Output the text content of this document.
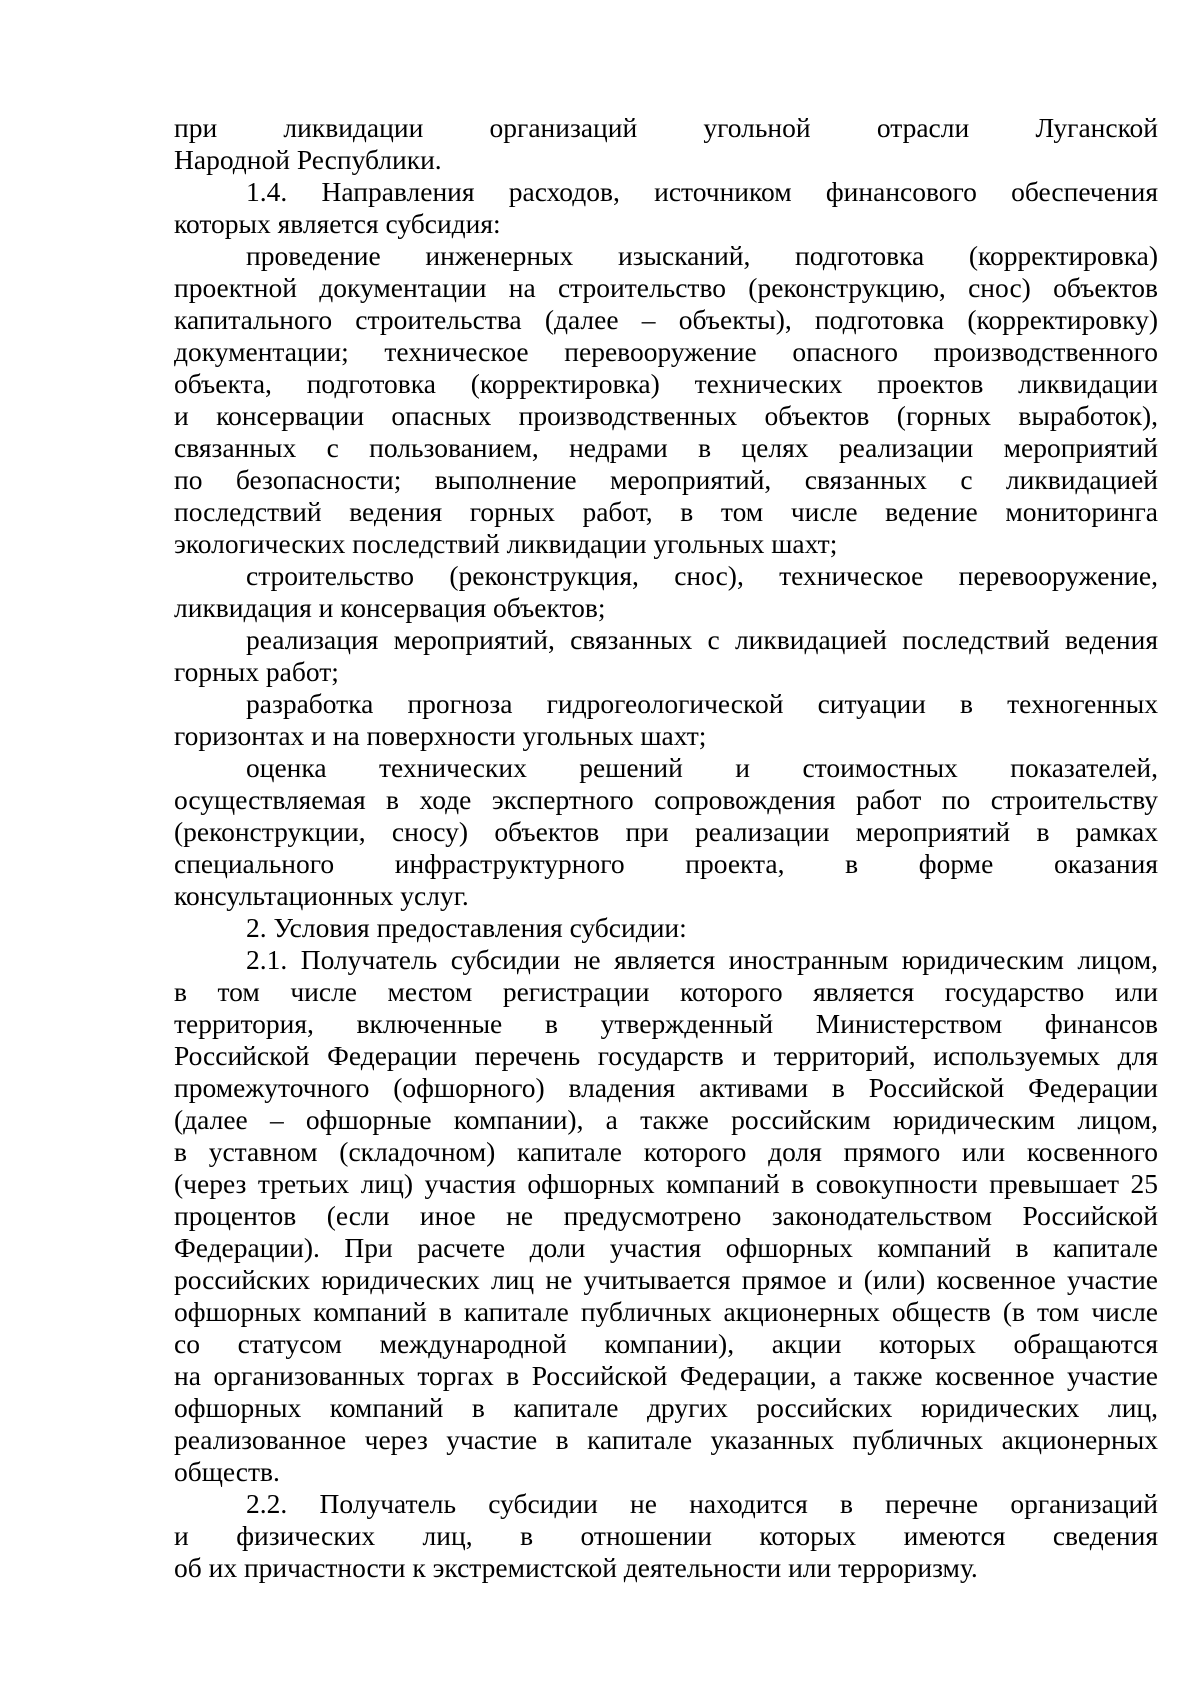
при ликвидации организаций угольной отрасли Луганской
Народной Республики.
1.4. Направления расходов, источником финансового обеспечения
которых является субсидия:
проведение инженерных изысканий, подготовка (корректировка)
проектной документации на строительство (реконструкцию, снос) объектов
капитального строительства (далее – объекты), подготовка (корректировку)
документации; техническое перевооружение опасного производственного
объекта, подготовка (корректировка) технических проектов ликвидации
и консервации опасных производственных объектов (горных выработок),
связанных с пользованием, недрами в целях реализации мероприятий
по безопасности; выполнение мероприятий, связанных с ликвидацией
последствий ведения горных работ, в том числе ведение мониторинга
экологических последствий ликвидации угольных шахт;
строительство (реконструкция, снос), техническое перевооружение,
ликвидация и консервация объектов;
реализация мероприятий, связанных с ликвидацией последствий ведения
горных работ;
разработка прогноза гидрогеологической ситуации в техногенных
горизонтах и на поверхности угольных шахт;
оценка технических решений и стоимостных показателей,
осуществляемая в ходе экспертного сопровождения работ по строительству
(реконструкции, сносу) объектов при реализации мероприятий в рамках
специального инфраструктурного проекта, в форме оказания
консультационных услуг.
2. Условия предоставления субсидии:
2.1. Получатель субсидии не является иностранным юридическим лицом,
в том числе местом регистрации которого является государство или
территория, включенные в утвержденный Министерством финансов
Российской Федерации перечень государств и территорий, используемых для
промежуточного (офшорного) владения активами в Российской Федерации
(далее – офшорные компании), а также российским юридическим лицом,
в уставном (складочном) капитале которого доля прямого или косвенного
(через третьих лиц) участия офшорных компаний в совокупности превышает 25
процентов (если иное не предусмотрено законодательством Российской
Федерации). При расчете доли участия офшорных компаний в капитале
российских юридических лиц не учитывается прямое и (или) косвенное участие
офшорных компаний в капитале публичных акционерных обществ (в том числе
со статусом международной компании), акции которых обращаются
на организованных торгах в Российской Федерации, а также косвенное участие
офшорных компаний в капитале других российских юридических лиц,
реализованное через участие в капитале указанных публичных акционерных
обществ.
2.2. Получатель субсидии не находится в перечне организаций
и физических лиц, в отношении которых имеются сведения
об их причастности к экстремистской деятельности или терроризму.
